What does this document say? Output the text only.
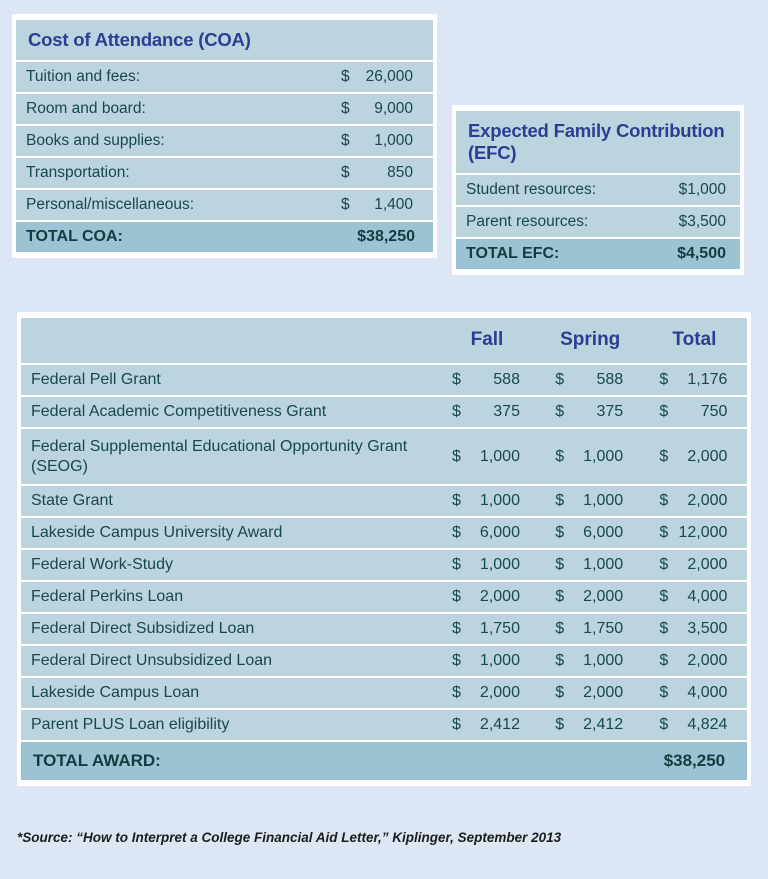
Cost of Attendance (COA)	
Tuition and fees:	$ 26,000
Room and board:	$ 9,000
Books and supplies:	$ 1,000
Transportation:	$ 850
Personal/miscellaneous:	$ 1,400
TOTAL COA:	$38,250
Expected Family Contribution (EFC)	
Student resources:	$1,000
Parent resources:	$3,500
TOTAL EFC:	$4,500
	Fall	Spring	Total
Federal Pell Grant	$ 588	$ 588	$ 1,176
Federal Academic Competitiveness Grant	$ 375	$ 375	$ 750
Federal Supplemental Educational Opportunity Grant (SEOG)	$ 1,000	$ 1,000	$ 2,000
State Grant	$ 1,000	$ 1,000	$ 2,000
Lakeside Campus University Award	$ 6,000	$ 6,000	$ 12,000
Federal Work-Study	$ 1,000	$ 1,000	$ 2,000
Federal Perkins Loan	$ 2,000	$ 2,000	$ 4,000
Federal Direct Subsidized Loan	$ 1,750	$ 1,750	$ 3,500
Federal Direct Unsubsidized Loan	$ 1,000	$ 1,000	$ 2,000
Lakeside Campus Loan	$ 2,000	$ 2,000	$ 4,000
Parent PLUS Loan eligibility	$ 2,412	$ 2,412	$ 4,824
TOTAL AWARD:			$38,250
*Source: “How to Interpret a College Financial Aid Letter,” Kiplinger, September 2013
